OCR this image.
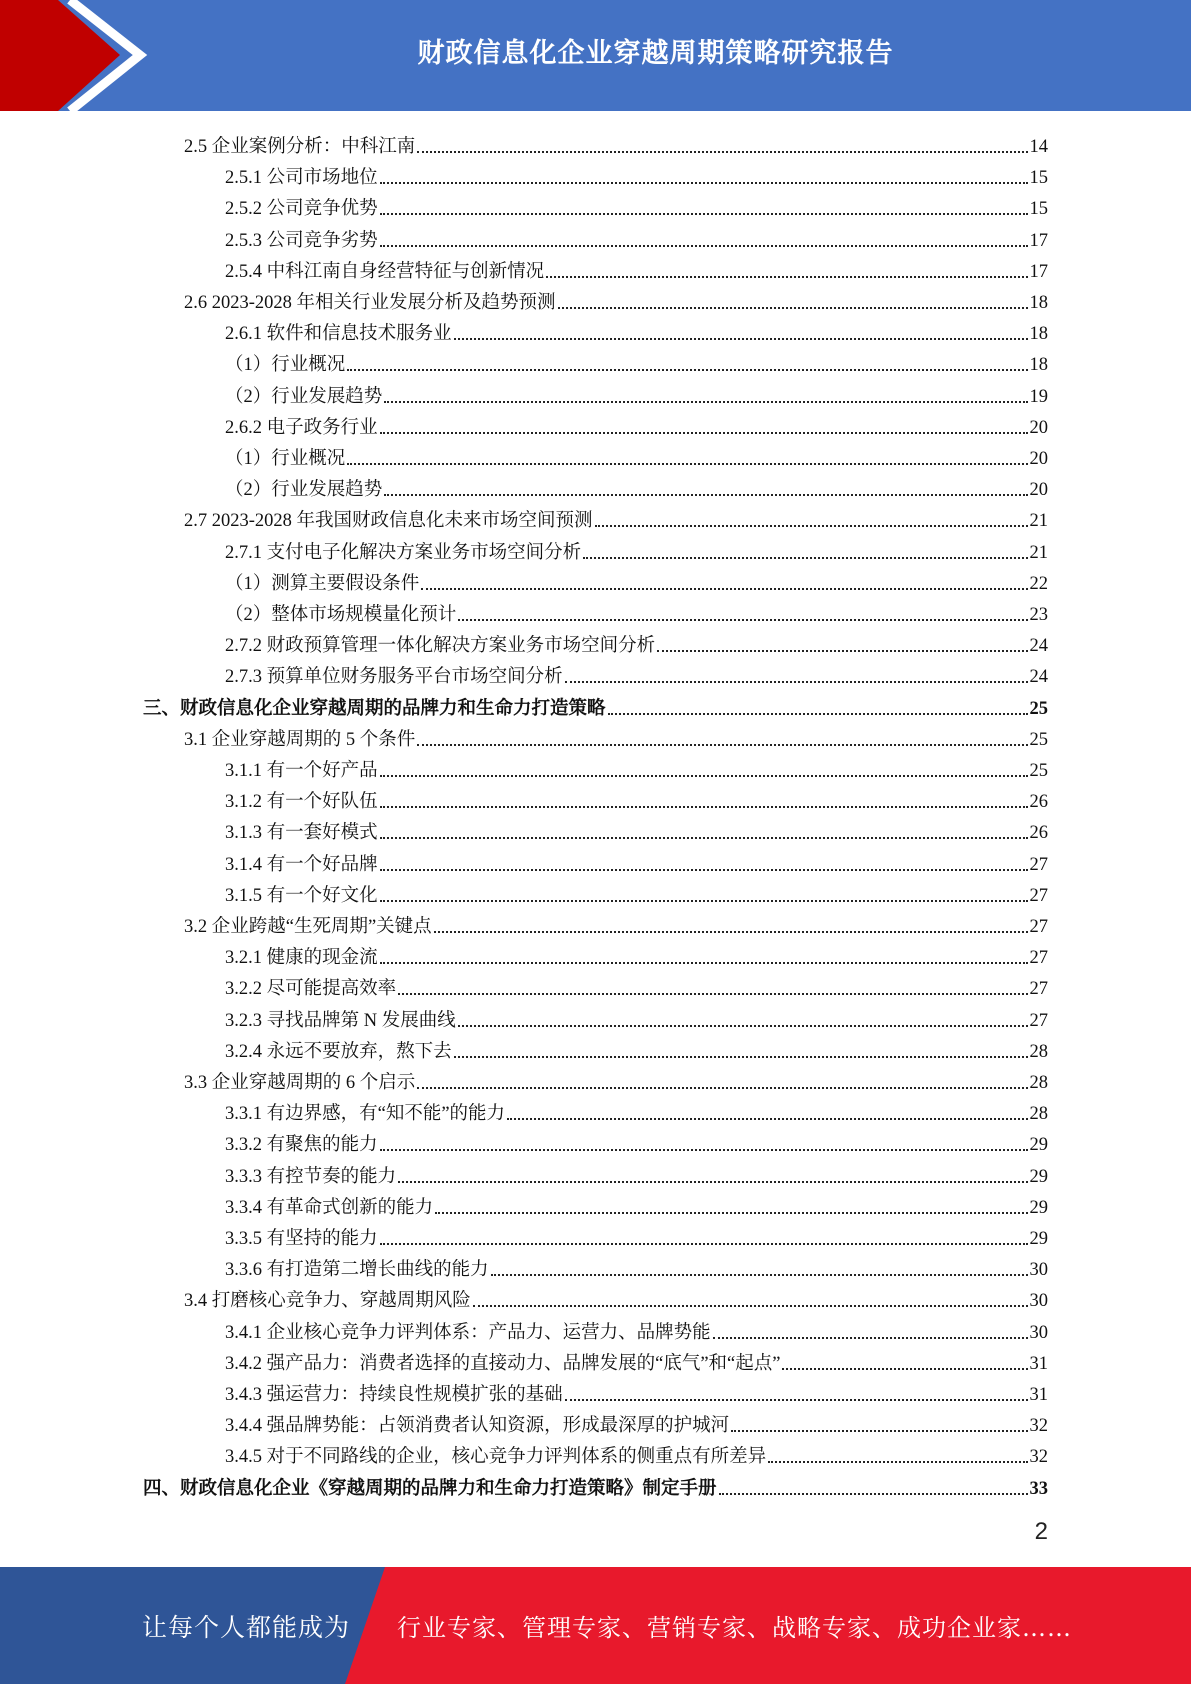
财政信息化企业穿越周期策略研究报告
2.5 企业案例分析：中科江南	14
2.5.1 公司市场地位	15
2.5.2 公司竞争优势	15
2.5.3 公司竞争劣势	17
2.5.4 中科江南自身经营特征与创新情况	17
2.6 2023-2028 年相关行业发展分析及趋势预测	18
2.6.1 软件和信息技术服务业	18
（1）行业概况	18
（2）行业发展趋势	19
2.6.2 电子政务行业	20
（1）行业概况	20
（2）行业发展趋势	20
2.7 2023-2028 年我国财政信息化未来市场空间预测	21
2.7.1 支付电子化解决方案业务市场空间分析	21
（1）测算主要假设条件	22
（2）整体市场规模量化预计	23
2.7.2 财政预算管理一体化解决方案业务市场空间分析	24
2.7.3 预算单位财务服务平台市场空间分析	24
三、财政信息化企业穿越周期的品牌力和生命力打造策略	25
3.1 企业穿越周期的 5 个条件	25
3.1.1 有一个好产品	25
3.1.2 有一个好队伍	26
3.1.3 有一套好模式	26
3.1.4 有一个好品牌	27
3.1.5 有一个好文化	27
3.2 企业跨越“生死周期”关键点	27
3.2.1 健康的现金流	27
3.2.2 尽可能提高效率	27
3.2.3 寻找品牌第 N 发展曲线	27
3.2.4 永远不要放弃，熬下去	28
3.3 企业穿越周期的 6 个启示	28
3.3.1 有边界感，有“知不能”的能力	28
3.3.2 有聚焦的能力	29
3.3.3 有控节奏的能力	29
3.3.4 有革命式创新的能力	29
3.3.5 有坚持的能力	29
3.3.6 有打造第二增长曲线的能力	30
3.4 打磨核心竞争力、穿越周期风险	30
3.4.1 企业核心竞争力评判体系：产品力、运营力、品牌势能	30
3.4.2 强产品力：消费者选择的直接动力、品牌发展的“底气”和“起点”	31
3.4.3 强运营力：持续良性规模扩张的基础	31
3.4.4 强品牌势能：占领消费者认知资源，形成最深厚的护城河	32
3.4.5 对于不同路线的企业，核心竞争力评判体系的侧重点有所差异	32
四、财政信息化企业《穿越周期的品牌力和生命力打造策略》制定手册	33
2
让每个人都能成为 行业专家、管理专家、营销专家、战略专家、成功企业家……
